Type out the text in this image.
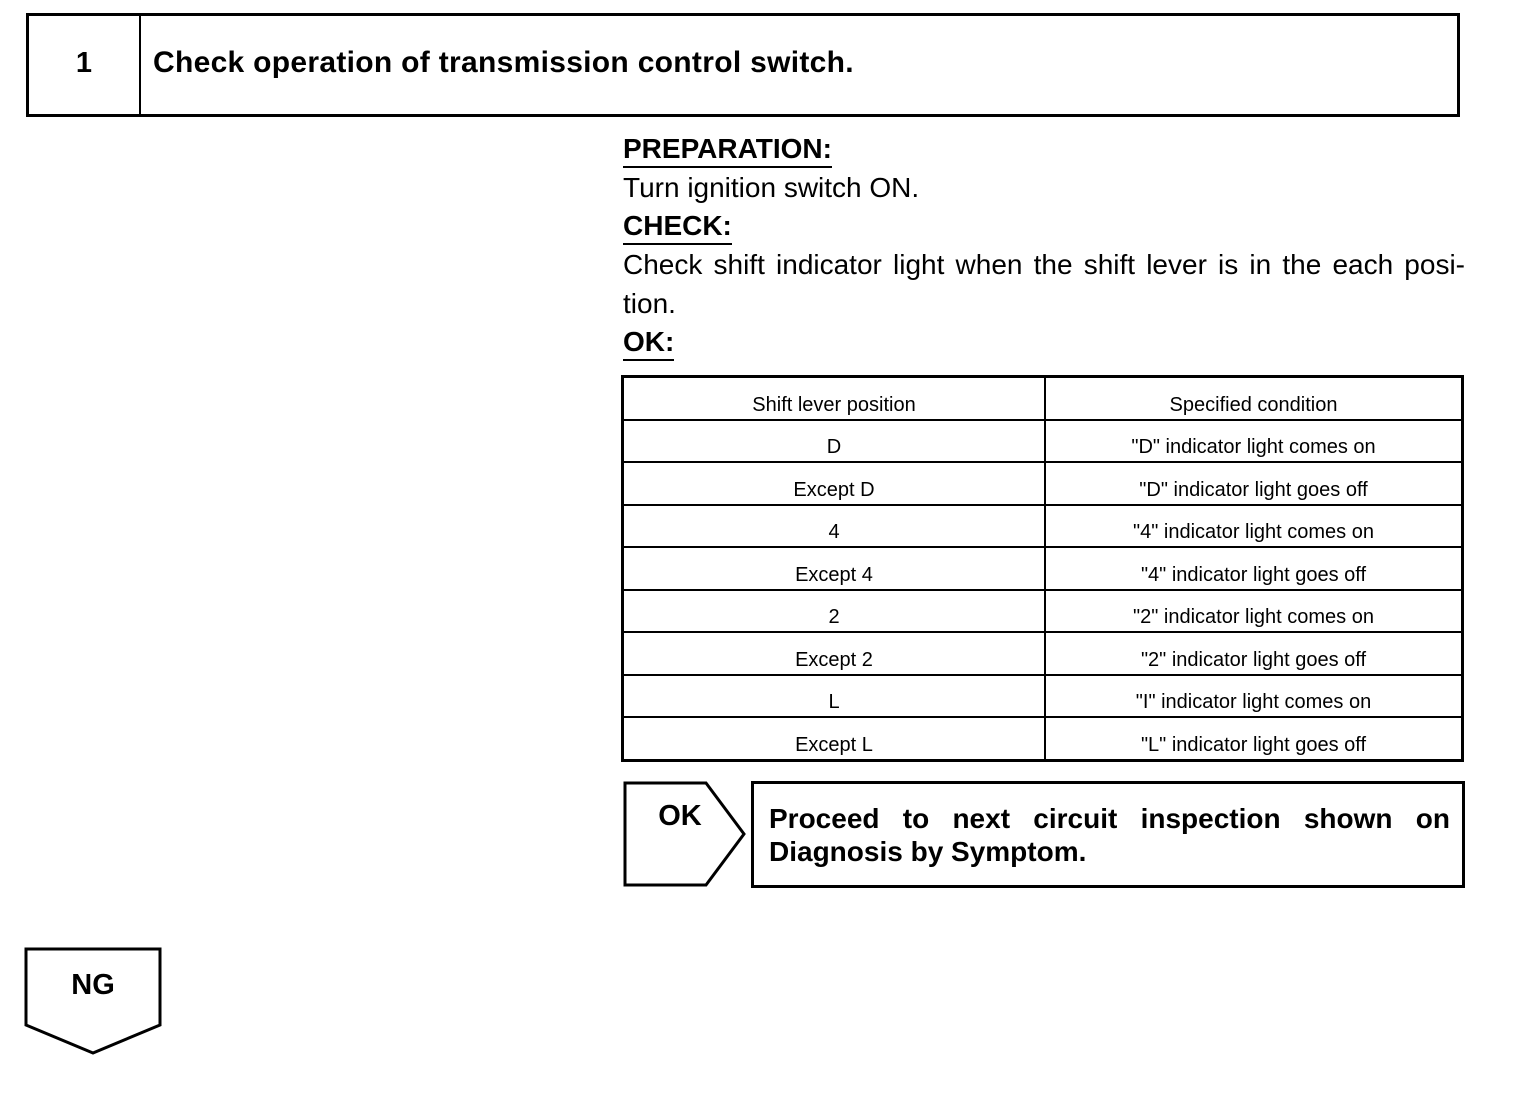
1	Check operation of transmission control switch.
PREPARATION:

Turn ignition switch ON.

CHECK:

Check shift indicator light when the shift lever is in the each posi- tion.

OK:
Shift lever position	Specified condition
D	"D" indicator light comes on
Except D	"D" indicator light goes off
4	"4" indicator light comes on
Except 4	"4" indicator light goes off
2	"2" indicator light comes on
Except 2	"2" indicator light goes off
L	"I" indicator light comes on
Except L	"L" indicator light goes off
OK	Proceed to next circuit inspection shown on
Diagnosis by Symptom.
NG
